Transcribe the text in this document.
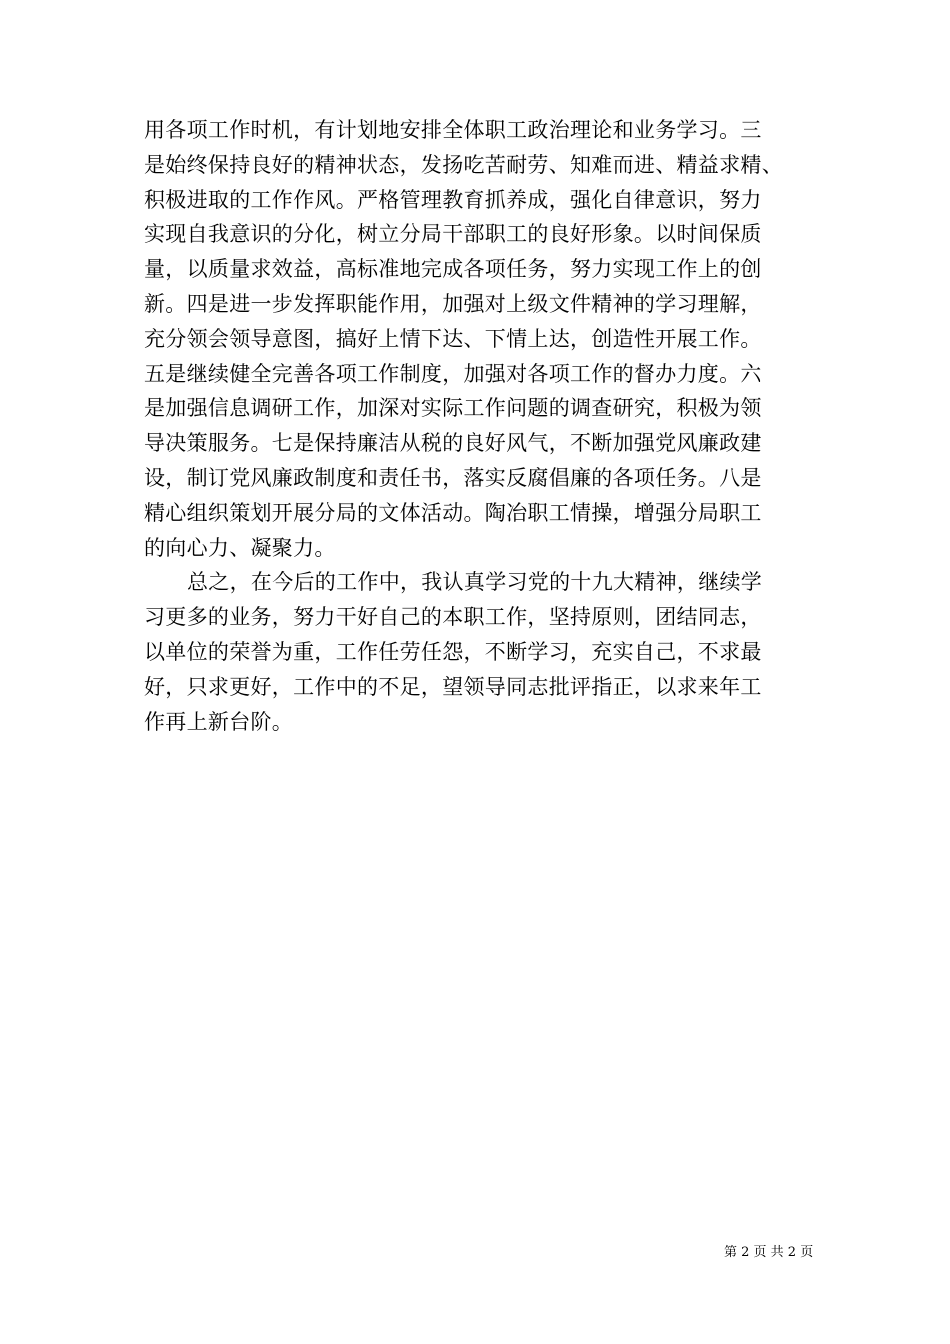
用各项工作时机，有计划地安排全体职工政治理论和业务学习。三
是始终保持良好的精神状态，发扬吃苦耐劳、知难而进、精益求精、
积极进取的工作作风。严格管理教育抓养成，强化自律意识，努力
实现自我意识的分化，树立分局干部职工的良好形象。以时间保质
量，以质量求效益，高标准地完成各项任务，努力实现工作上的创
新。四是进一步发挥职能作用，加强对上级文件精神的学习理解，
充分领会领导意图，搞好上情下达、下情上达，创造性开展工作。
五是继续健全完善各项工作制度，加强对各项工作的督办力度。六
是加强信息调研工作，加深对实际工作问题的调查研究，积极为领
导决策服务。七是保持廉洁从税的良好风气，不断加强党风廉政建
设，制订党风廉政制度和责任书，落实反腐倡廉的各项任务。八是
精心组织策划开展分局的文体活动。陶冶职工情操，增强分局职工
的向心力、凝聚力。
总之，在今后的工作中，我认真学习党的十九大精神，继续学
习更多的业务，努力干好自己的本职工作，坚持原则，团结同志，
以单位的荣誉为重，工作任劳任怨，不断学习，充实自己，不求最
好，只求更好，工作中的不足，望领导同志批评指正，以求来年工
作再上新台阶。
第 2 页 共 2 页
